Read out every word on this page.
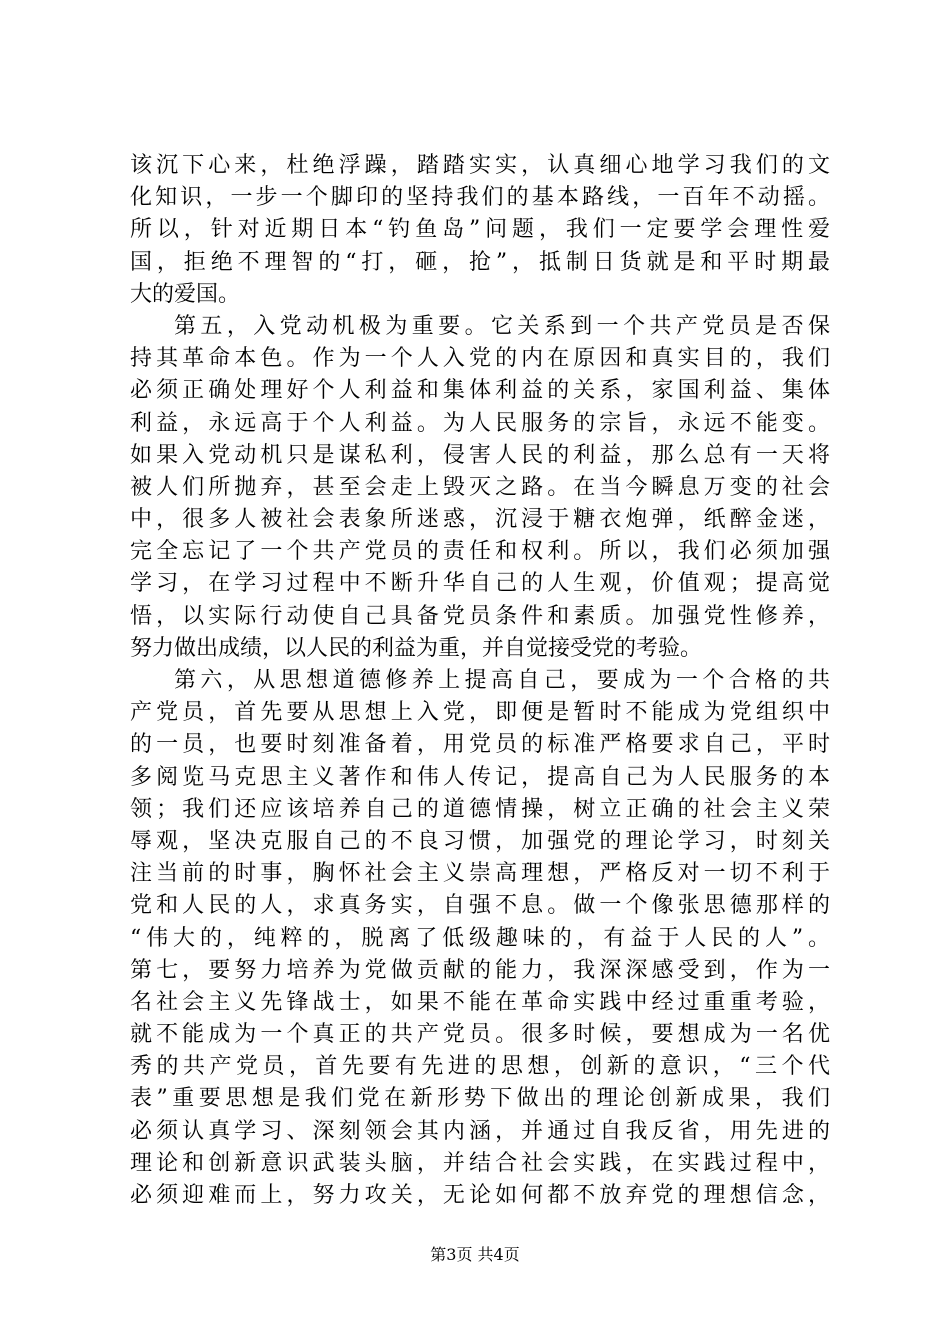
该沉下心来，杜绝浮躁，踏踏实实，认真细心地学习我们的文
化知识，一步一个脚印的坚持我们的基本路线，一百年不动摇。
所以，针对近期日本“钓鱼岛”问题，我们一定要学会理性爱
国，拒绝不理智的“打，砸，抢”，抵制日货就是和平时期最
大的爱国。
第五，入党动机极为重要。它关系到一个共产党员是否保
持其革命本色。作为一个人入党的内在原因和真实目的，我们
必须正确处理好个人利益和集体利益的关系，家国利益、集体
利益，永远高于个人利益。为人民服务的宗旨，永远不能变。
如果入党动机只是谋私利，侵害人民的利益，那么总有一天将
被人们所抛弃，甚至会走上毁灭之路。在当今瞬息万变的社会
中，很多人被社会表象所迷惑，沉浸于糖衣炮弹，纸醉金迷，
完全忘记了一个共产党员的责任和权利。所以，我们必须加强
学习，在学习过程中不断升华自己的人生观，价值观；提高觉
悟，以实际行动使自己具备党员条件和素质。加强党性修养，
努力做出成绩，以人民的利益为重，并自觉接受党的考验。
第六，从思想道德修养上提高自己，要成为一个合格的共
产党员，首先要从思想上入党，即便是暂时不能成为党组织中
的一员，也要时刻准备着，用党员的标准严格要求自己，平时
多阅览马克思主义著作和伟人传记，提高自己为人民服务的本
领；我们还应该培养自己的道德情操，树立正确的社会主义荣
辱观，坚决克服自己的不良习惯，加强党的理论学习，时刻关
注当前的时事，胸怀社会主义崇高理想，严格反对一切不利于
党和人民的人，求真务实，自强不息。做一个像张思德那样的
“伟大的，纯粹的，脱离了低级趣味的，有益于人民的人”。
第七，要努力培养为党做贡献的能力，我深深感受到，作为一
名社会主义先锋战士，如果不能在革命实践中经过重重考验，
就不能成为一个真正的共产党员。很多时候，要想成为一名优
秀的共产党员，首先要有先进的思想，创新的意识，“三个代
表”重要思想是我们党在新形势下做出的理论创新成果，我们
必须认真学习、深刻领会其内涵，并通过自我反省，用先进的
理论和创新意识武装头脑，并结合社会实践，在实践过程中，
必须迎难而上，努力攻关，无论如何都不放弃党的理想信念，
第3页 共4页
